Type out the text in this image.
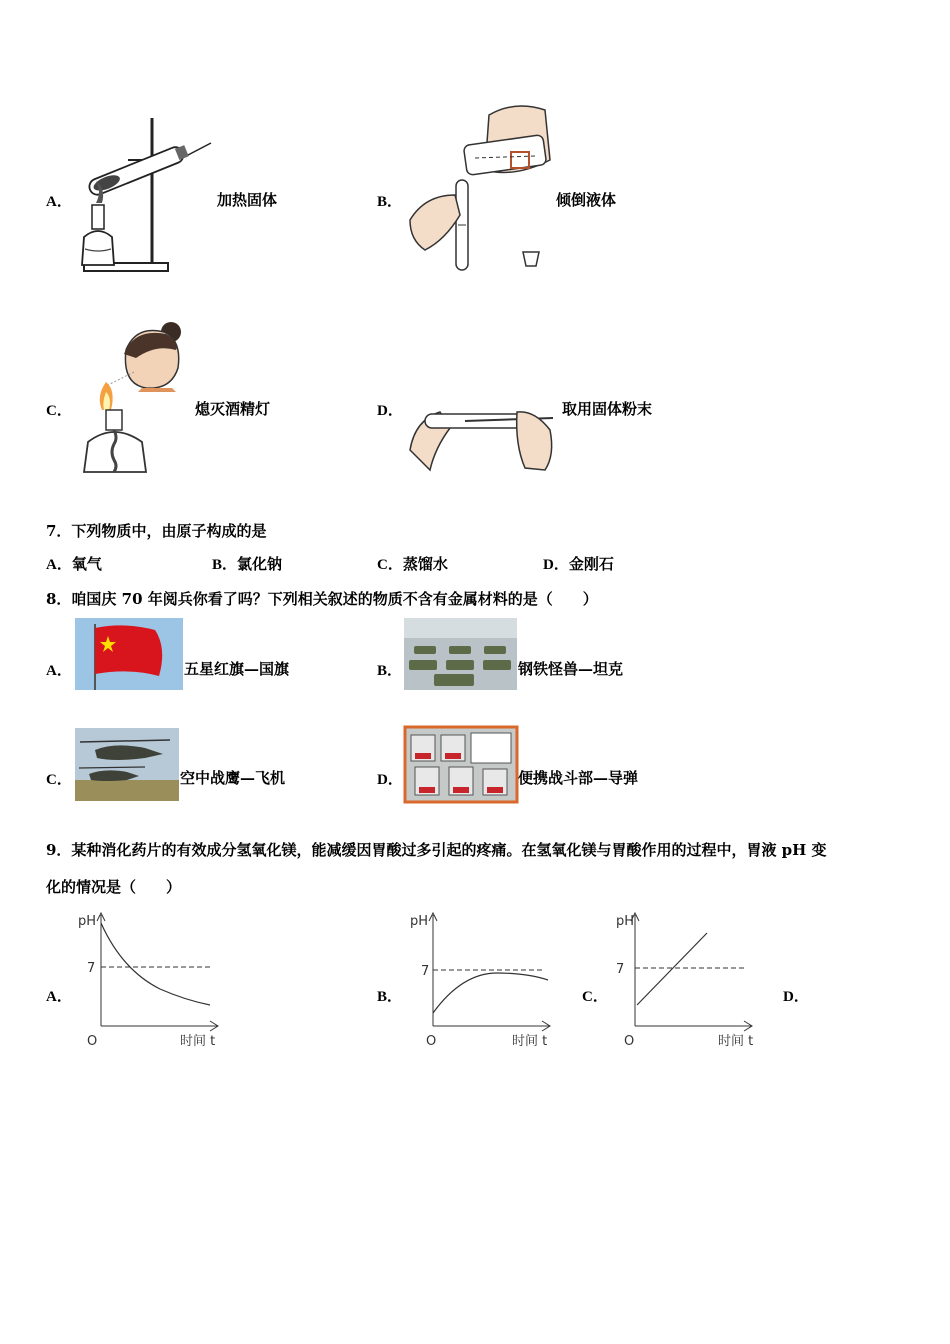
A．	加热固体	B．	倾倒液体
C．	熄灭酒精灯	D．	取用固体粉末
7．下列物质中，由原子构成的是
A．氧气	B．氯化钠	C．蒸馏水	D．金刚石
8．咱国庆 70 年阅兵你看了吗？下列相关叙述的物质不含有金属材料的是（　　）
A．	五星红旗—国旗	B．	钢铁怪兽—坦克
C．	空中战鹰—飞机	D．	便携战斗部—导弹
9．某种消化药片的有效成分氢氧化镁，能减缓因胃酸过多引起的疼痛。在氢氧化镁与胃酸作用的过程中，胃液 pH 变
化的情况是（　　）
A．	B．	C．	D．
pH
7
O	时间 t
pH
7
O	时间 t
pH
7
O	时间 t
